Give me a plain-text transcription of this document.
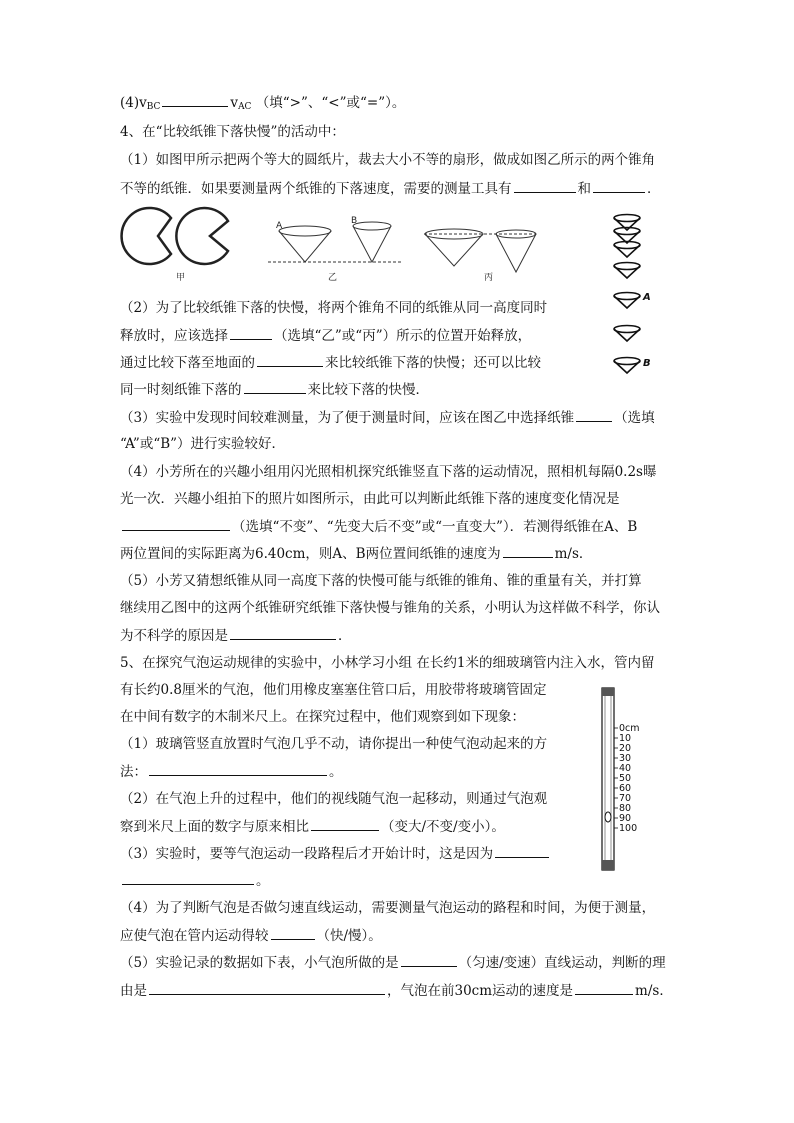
$(4)v_{BC}$	$v_{AC}$ （填“>”、“<”或“=”）。
4、在“比较纸锥下落快慢”的活动中：
（1）如图甲所示把两个等大的圆纸片，裁去大小不等的扇形，做成如图乙所示的两个锥角
不等的纸锥．如果要测量两个纸锥的下落速度，需要的测量工具有	和	．
甲
A	B
乙	丙
A
B
（2）为了比较纸锥下落的快慢，将两个锥角不同的纸锥从同一高度同时
释放时，应该选择	（选填“乙”或“丙”）所示的位置开始释放，
通过比较下落至地面的	来比较纸锥下落的快慢；还可以比较
同一时刻纸锥下落的	来比较下落的快慢．
（3）实验中发现时间较难测量，为了便于测量时间，应该在图乙中选择纸锥	（选填
“A”或“B”）进行实验较好．
（4）小芳所在的兴趣小组用闪光照相机探究纸锥竖直下落的运动情况，照相机每隔0.2s曝
光一次．兴趣小组拍下的照片如图所示，由此可以判断此纸锥下落的速度变化情况是
（选填“不变”、“先变大后不变”或“一直变大”）．若测得纸锥在A、B
两位置间的实际距离为6.40cm，则A、B两位置间纸锥的速度为	m/s．
（5）小芳又猜想纸锥从同一高度下落的快慢可能与纸锥的锥角、锥的重量有关，并打算
继续用乙图中的这两个纸锥研究纸锥下落快慢与锥角的关系，小明认为这样做不科学，你认
为不科学的原因是	．
5、在探究气泡运动规律的实验中，小林学习小组 在长约1米的细玻璃管内注入水，管内留
有长约0.8厘米的气泡，他们用橡皮塞塞住管口后，用胶带将玻璃管固定
在中间有数字的木制米尺上。在探究过程中，他们观察到如下现象：
0cm
10
20
30
40
50
60
70
80
90
100
（1）玻璃管竖直放置时气泡几乎不动，请你提出一种使气泡动起来的方
法：	。
（2）在气泡上升的过程中，他们的视线随气泡一起移动，则通过气泡观
察到米尺上面的数字与原来相比	（变大/不变/变小）。
（3）实验时，要等气泡运动一段路程后才开始计时，这是因为
。
（4）为了判断气泡是否做匀速直线运动，需要测量气泡运动的路程和时间，为便于测量，
应使气泡在管内运动得较	（快/慢）。
（5）实验记录的数据如下表，小气泡所做的是	（匀速/变速）直线运动，判断的理
由是	，气泡在前30cm运动的速度是	m/s．
